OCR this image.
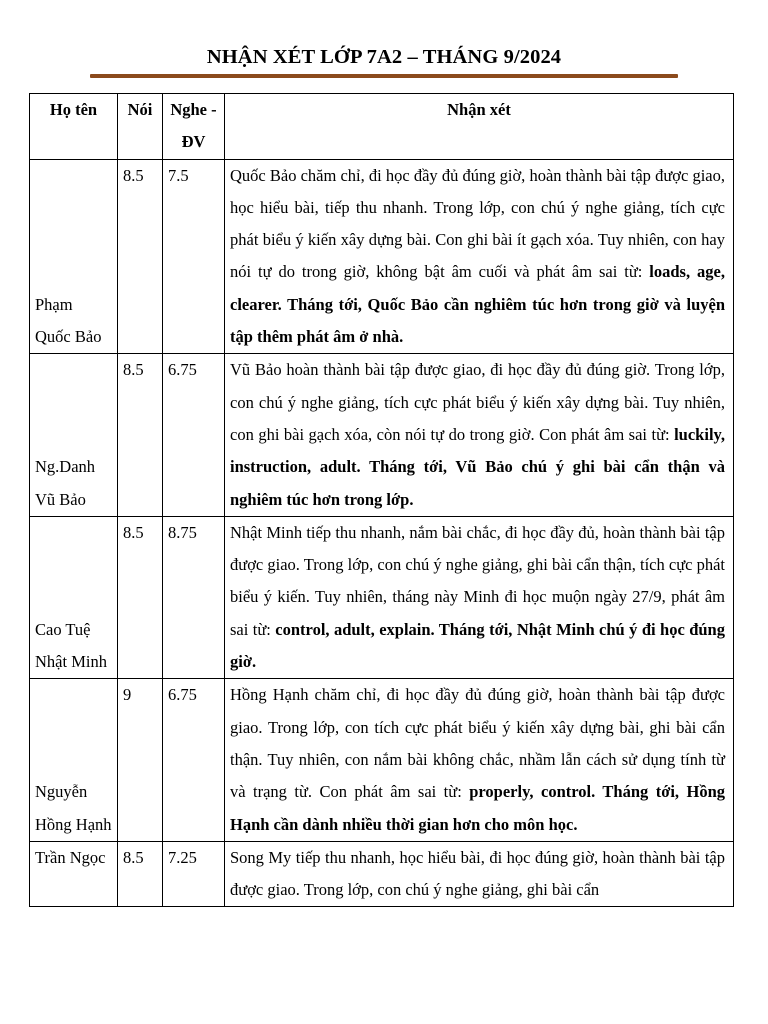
NHẬN XÉT LỚP 7A2 – THÁNG 9/2024
Họ tên	Nói	Nghe - ĐV	Nhận xét
Phạm Quốc Bảo	8.5	7.5	Quốc Bảo chăm chỉ, đi học đầy đủ đúng giờ, hoàn thành bài tập được giao, học hiểu bài, tiếp thu nhanh. Trong lớp, con chú ý nghe giảng, tích cực phát biểu ý kiến xây dựng bài. Con ghi bài ít gạch xóa. Tuy nhiên, con hay nói tự do trong giờ, không bật âm cuối và phát âm sai từ: loads, age, clearer. Tháng tới, Quốc Bảo cần nghiêm túc hơn trong giờ và luyện tập thêm phát âm ở nhà.
Ng.Danh Vũ Bảo	8.5	6.75	Vũ Bảo hoàn thành bài tập được giao, đi học đầy đủ đúng giờ. Trong lớp, con chú ý nghe giảng, tích cực phát biểu ý kiến xây dựng bài. Tuy nhiên, con ghi bài gạch xóa, còn nói tự do trong giờ. Con phát âm sai từ: luckily, instruction, adult. Tháng tới, Vũ Bảo chú ý ghi bài cẩn thận và nghiêm túc hơn trong lớp.
Cao Tuệ Nhật Minh	8.5	8.75	Nhật Minh tiếp thu nhanh, nắm bài chắc, đi học đầy đủ, hoàn thành bài tập được giao. Trong lớp, con chú ý nghe giảng, ghi bài cẩn thận, tích cực phát biểu ý kiến. Tuy nhiên, tháng này Minh đi học muộn ngày 27/9, phát âm sai từ: control, adult, explain. Tháng tới, Nhật Minh chú ý đi học đúng giờ.
Nguyễn Hồng Hạnh	9	6.75	Hồng Hạnh chăm chỉ, đi học đầy đủ đúng giờ, hoàn thành bài tập được giao. Trong lớp, con tích cực phát biểu ý kiến xây dựng bài, ghi bài cẩn thận. Tuy nhiên, con nắm bài không chắc, nhầm lẫn cách sử dụng tính từ và trạng từ. Con phát âm sai từ: properly, control. Tháng tới, Hồng Hạnh cần dành nhiều thời gian hơn cho môn học.
Trần Ngọc	8.5	7.25	Song My tiếp thu nhanh, học hiểu bài, đi học đúng giờ, hoàn thành bài tập được giao. Trong lớp, con chú ý nghe giảng, ghi bài cẩn
